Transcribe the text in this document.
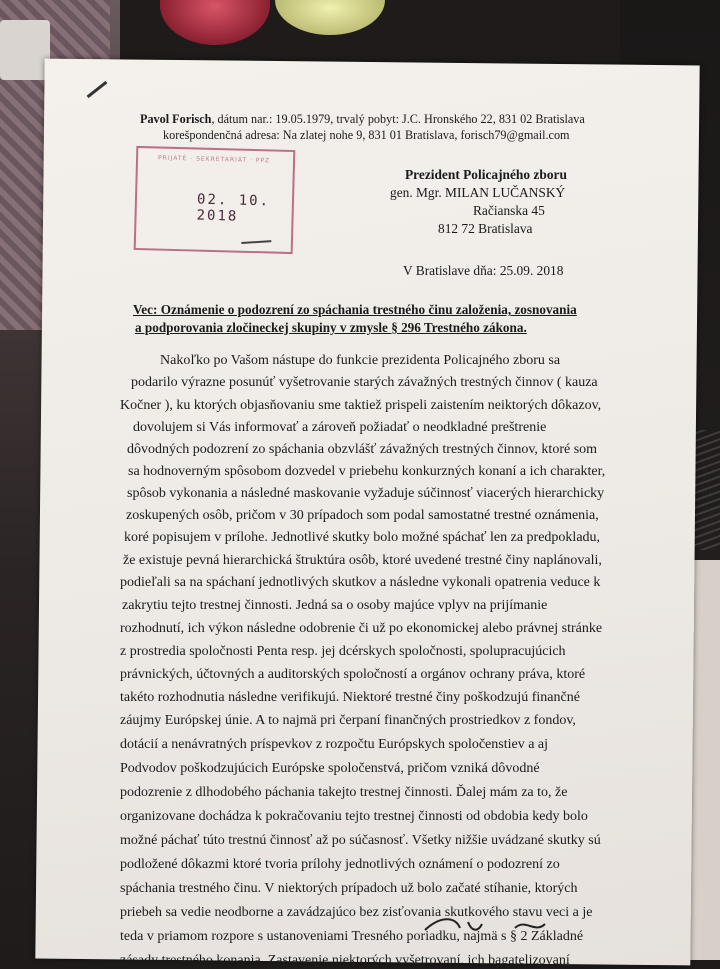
Pavol Forisch, dátum nar.: 19.05.1979, trvalý pobyt: J.C. Hronského 22, 831 02 Bratislava
korešpondenčná adresa: Na zlatej nohe 9, 831 01 Bratislava, forisch79@gmail.com
PRIJATÉ · SEKRETARIÁT · PPZ
02. 10. 2018
Prezident Policajného zboru
gen. Mgr. MILAN LUČANSKÝ
Račianska 45
812 72 Bratislava
V Bratislave dňa: 25.09. 2018
Vec: Oznámenie o podozrení zo spáchania trestného činu založenia, zosnovania
a podporovania zločineckej skupiny v zmysle § 296 Trestného zákona.
Nakoľko po Vašom nástupe do funkcie prezidenta Policajného zboru sa
podarilo výrazne posunúť vyšetrovanie starých závažných trestných činnov ( kauza
Kočner ), ku ktorých objasňovaniu sme taktiež prispeli zaistením neiktorých dôkazov,
dovolujem si Vás informovať a zároveň požiadať o neodkladné preštrenie
dôvodných podozrení zo spáchania obzvlášť závažných trestných činnov, ktoré som
sa hodnoverným spôsobom dozvedel v priebehu konkurzných konaní a ich charakter,
spôsob vykonania a následné maskovanie vyžaduje súčinnosť viacerých hierarchicky
zoskupených osôb, pričom v 30 prípadoch som podal samostatné trestné oznámenia,
koré popisujem v prílohe. Jednotlivé skutky bolo možné spáchať len za predpokladu,
že existuje pevná hierarchická štruktúra osôb, ktoré uvedené trestné činy naplánovali,
podieľali sa na spáchaní jednotlivých skutkov a následne vykonali opatrenia veduce k
zakrytiu tejto trestnej činnosti. Jedná sa o osoby majúce vplyv na prijímanie
rozhodnutí, ich výkon následne odobrenie či už po ekonomickej alebo právnej stránke
z prostredia spoločnosti Penta resp. jej dcérskych spoločnosti, spolupracujúcich
právnických, účtovných a auditorských spoločností a orgánov ochrany práva, ktoré
takéto rozhodnutia následne verifikujú. Niektoré trestné činy poškodzujú finančné
záujmy Európskej únie. A to najmä pri čerpaní finančných prostriedkov z fondov,
dotácií a nenávratných príspevkov z rozpočtu Európskych spoločenstiev a aj
Podvodov poškodzujúcich Európske spoločenstvá, pričom vzniká dôvodné
podozrenie z dlhodobého páchania takejto trestnej činnosti. Ďalej mám za to, že
organizovane dochádza k pokračovaniu tejto trestnej činnosti od obdobia kedy bolo
možné páchať túto trestnú činnosť až po súčasnosť. Všetky nižšie uvádzané skutky sú
podložené dôkazmi ktoré tvoria prílohy jednotlivých oznámení o podozrení zo
spáchania trestného činu. V niektorých prípadoch už bolo začaté stíhanie, ktorých
priebeh sa vedie neodborne a zavádzajúco bez zisťovania skutkového stavu veci a je
teda v priamom rozpore s ustanoveniami Tresného poriadku, najmä s § 2 Základné
zásady trestného konania. Zastavenie niektorých vyšetrovaní, ich bagatelizovaní
